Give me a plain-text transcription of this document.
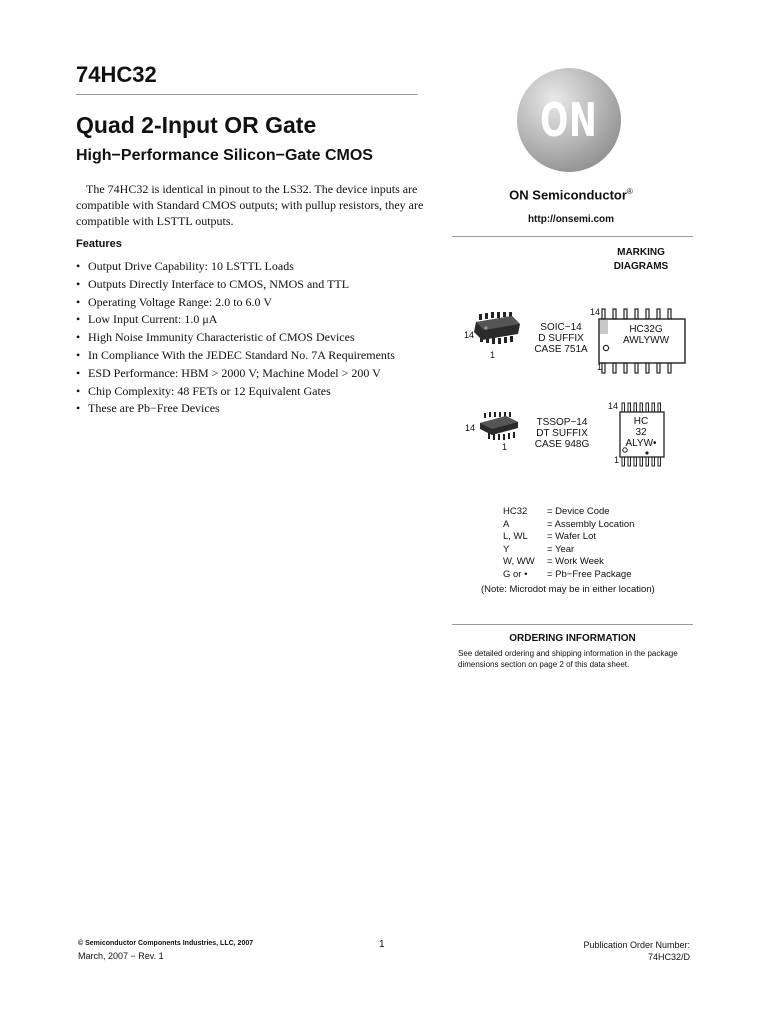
74HC32
Quad 2-Input OR Gate
High−Performance Silicon−Gate CMOS
The 74HC32 is identical in pinout to the LS32. The device inputs are compatible with Standard CMOS outputs; with pullup resistors, they are compatible with LSTTL outputs.
Features
• Output Drive Capability: 10 LSTTL Loads
• Outputs Directly Interface to CMOS, NMOS and TTL
• Operating Voltage Range: 2.0 to 6.0 V
• Low Input Current: 1.0 μA
• High Noise Immunity Characteristic of CMOS Devices
• In Compliance With the JEDEC Standard No. 7A Requirements
• ESD Performance: HBM > 2000 V; Machine Model > 200 V
• Chip Complexity: 48 FETs or 12 Equivalent Gates
• These are Pb−Free Devices
ON
ON Semiconductor®
http://onsemi.com
MARKING
DIAGRAMS
14
1
SOIC−14
D SUFFIX
CASE 751A
14
1
HC32G
AWLYWW
14
1
TSSOP−14
DT SUFFIX
CASE 948G
14
1
HC
32
ALYW•
HC32 = Device Code
A	= Assembly Location
L, WL = Wafer Lot
Y	= Year
W, WW = Work Week
G or • = Pb−Free Package
(Note: Microdot may be in either location)
ORDERING INFORMATION
See detailed ordering and shipping information in the package dimensions section on page 2 of this data sheet.
© Semiconductor Components Industries, LLC, 2007
March, 2007 − Rev. 1
1	Publication Order Number:
74HC32/D
